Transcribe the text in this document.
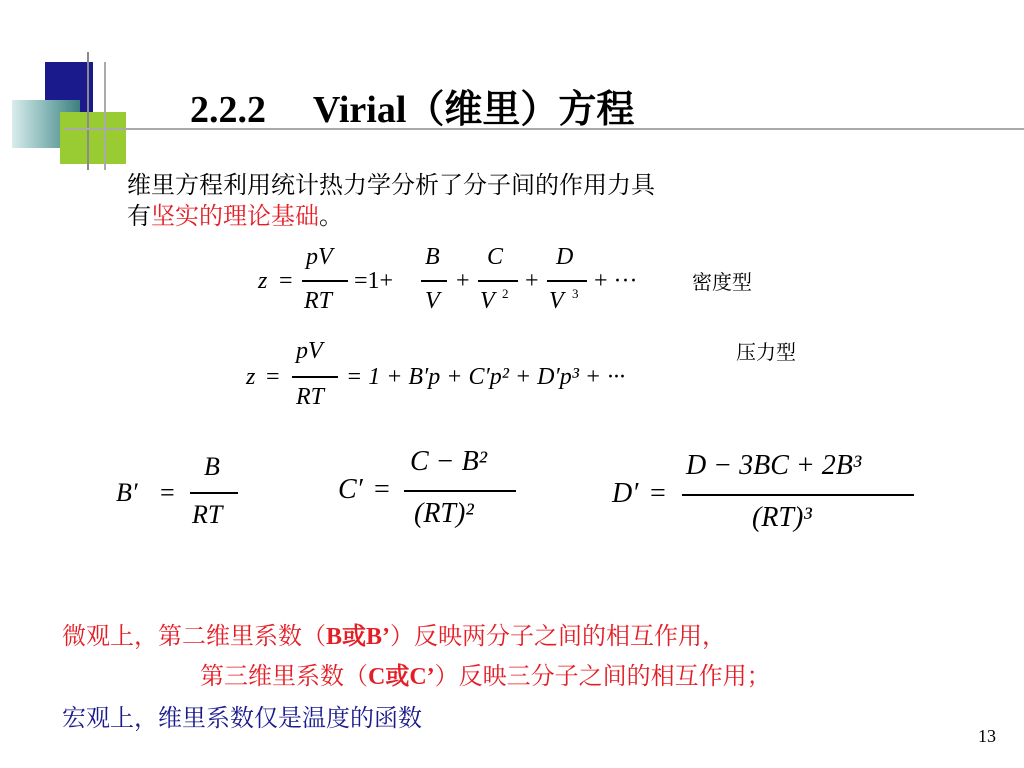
2.2.2 Virial（维里）方程
维里方程利用统计热力学分析了分子间的作用力具
有坚实的理论基础。
z =
pV
RT
=1+
B
V
+
C
V 2 +
D
V 3 + ···	密度型
z =
pV
RT
= 1 + B′p + C′p² + D′p³ + ···
压力型
B′ =
B
RT
C′ =
C − B²
(RT)²
D′ =
D − 3BC + 2B³
(RT)³
微观上，第二维里系数（B或B’）反映两分子之间的相互作用，
第三维里系数（C或C’）反映三分子之间的相互作用；
宏观上，维里系数仅是温度的函数
13
